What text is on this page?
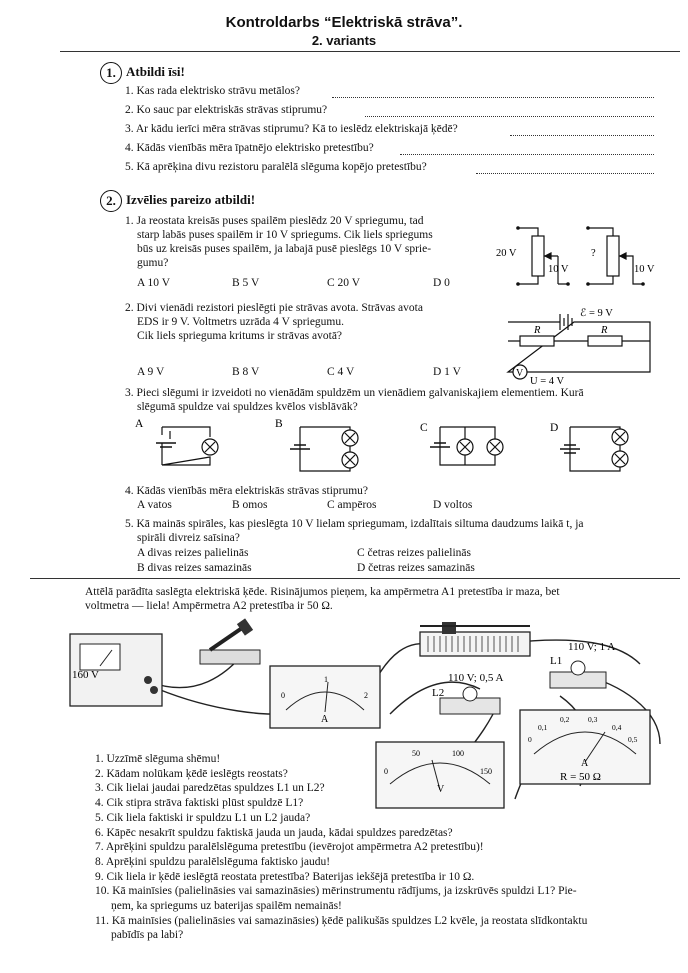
Kontroldarbs “Elektriskā strāva”.
2. variants
1. Atbildi īsi!
1. Kas rada elektrisko strāvu metālos?
2. Ko sauc par elektriskās strāvas stiprumu?
3. Ar kādu ierīci mēra strāvas stiprumu? Kā to ieslēdz elektriskajā ķēdē?
4. Kādās vienībās mēra īpatnējo elektrisko pretestību?
5. Kā aprēķina divu rezistoru paralēlā slēguma kopējo pretestību?
2. Izvēlies pareizo atbildi!
1. Ja reostata kreisās puses spailēm pieslēdz 20 V spriegumu, tad
starp labās puses spailēm ir 10 V spriegums. Cik liels spriegums
būs uz kreisās puses spailēm, ja labajā pusē pieslēgs 10 V sprie-
gumu?
A 10 V	B 5 V	C 20 V	D 0
20 V
10 V
?
10 V
2. Divi vienādi rezistori pieslēgti pie strāvas avota. Strāvas avota
EDS ir 9 V. Voltmetrs uzrāda 4 V spriegumu.
Cik liels sprieguma kritums ir strāvas avotā?
A 9 V	B 8 V	C 4 V	D 1 V
ℰ = 9 V
R	R
V
U = 4 V
3. Pieci slēgumi ir izveidoti no vienādām spuldzēm un vienādiem galvaniskajiem elementiem. Kurā
slēgumā spuldze vai spuldzes kvēlos visblāvāk?
A	B	C	D
4. Kādās vienībās mēra elektriskās strāvas stiprumu?
A vatos	B omos	C ampēros	D voltos
5. Kā mainās spirāles, kas pieslēgta 10 V lielam spriegumam, izdalītais siltuma daudzums laikā t, ja
spirāli divreiz saīsina?
A divas reizes palielinās	C četras reizes palielinās
B divas reizes samazinās	D četras reizes samazinās
Attēlā parādīta saslēgta elektriskā ķēde. Risinājumos pieņem, ka ampērmetra A1 pretestība ir maza, bet
voltmetra — liela! Ampērmetra A2 pretestība ir 50 Ω.
160 V
0
1
2
A
110 V; 0,5 A
L2
110 V; 1 A
L1
0
0,1
0,2 0,3
0,4
0,5
A
R = 50 Ω
0
50	100
150
V
1. Uzzīmē slēguma shēmu!
2. Kādam nolūkam ķēdē ieslēgts reostats?
3. Cik lielai jaudai paredzētas spuldzes L1 un L2?
4. Cik stipra strāva faktiski plūst spuldzē L1?
5. Cik liela faktiski ir spuldzu L1 un L2 jauda?
6. Kāpēc nesakrīt spuldzu faktiskā jauda un jauda, kādai spuldzes paredzētas?
7. Aprēķini spuldzu paralēlslēguma pretestību (ievērojot ampērmetra A2 pretestību)!
8. Aprēķini spuldzu paralēlslēguma faktisko jaudu!
9. Cik liela ir ķēdē ieslēgtā reostata pretestība? Baterijas iekšējā pretestība ir 10 Ω.
10. Kā mainīsies (palielināsies vai samazināsies) mērinstrumentu rādījums, ja izskrūvēs spuldzi L1? Pie-
ņem, ka spriegums uz baterijas spailēm nemainās!
11. Kā mainīsies (palielināsies vai samazināsies) ķēdē palikušās spuldzes L2 kvēle, ja reostata slīdkontaktu
pabīdīs pa labi?
